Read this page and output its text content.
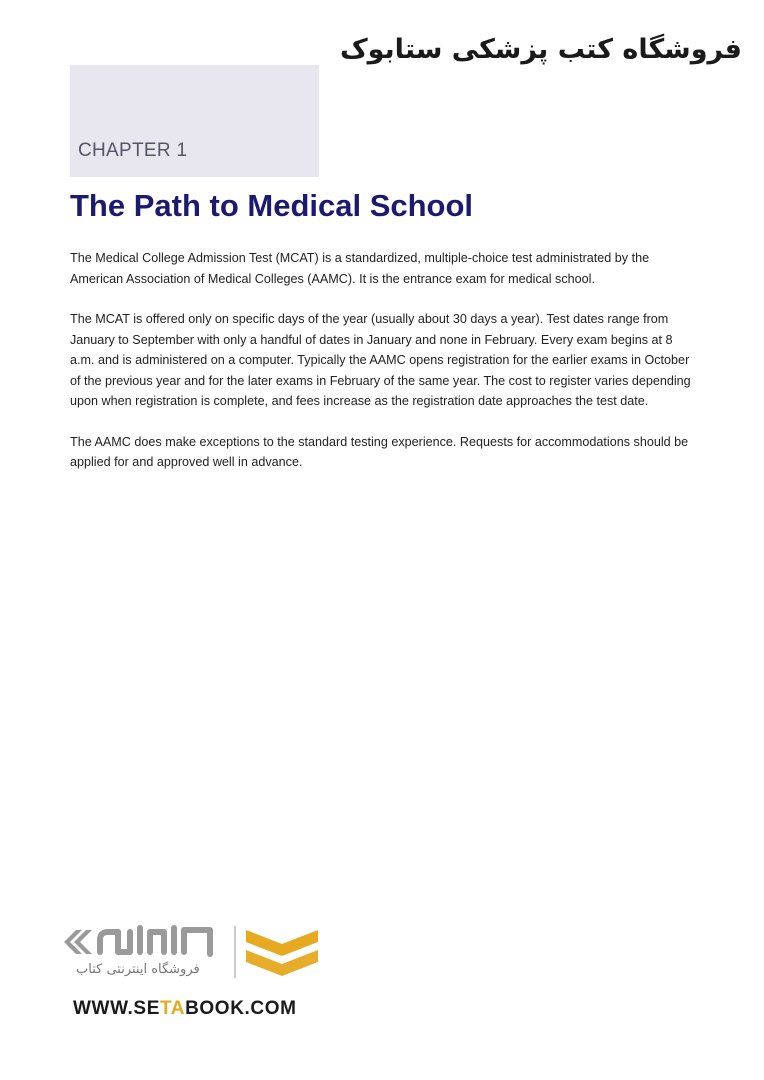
فروشگاه کتب پزشکی ستابوک
CHAPTER 1
The Path to Medical School

The Medical College Admission Test (MCAT) is a standardized, multiple-choice test administrated by the American Association of Medical Colleges (AAMC). It is the entrance exam for medical school.

The MCAT is offered only on specific days of the year (usually about 30 days a year). Test dates range from January to September with only a handful of dates in January and none in February. Every exam begins at 8 a.m. and is administered on a computer. Typically the AAMC opens registration for the earlier exams in October of the previous year and for the later exams in February of the same year. The cost to register varies depending upon when registration is complete, and fees increase as the registration date approaches the test date.

The AAMC does make exceptions to the standard testing experience. Requests for accommodations should be applied for and approved well in advance.

فروشگاه اینترنتی کتاب
WWW.SETABOOK.COM
